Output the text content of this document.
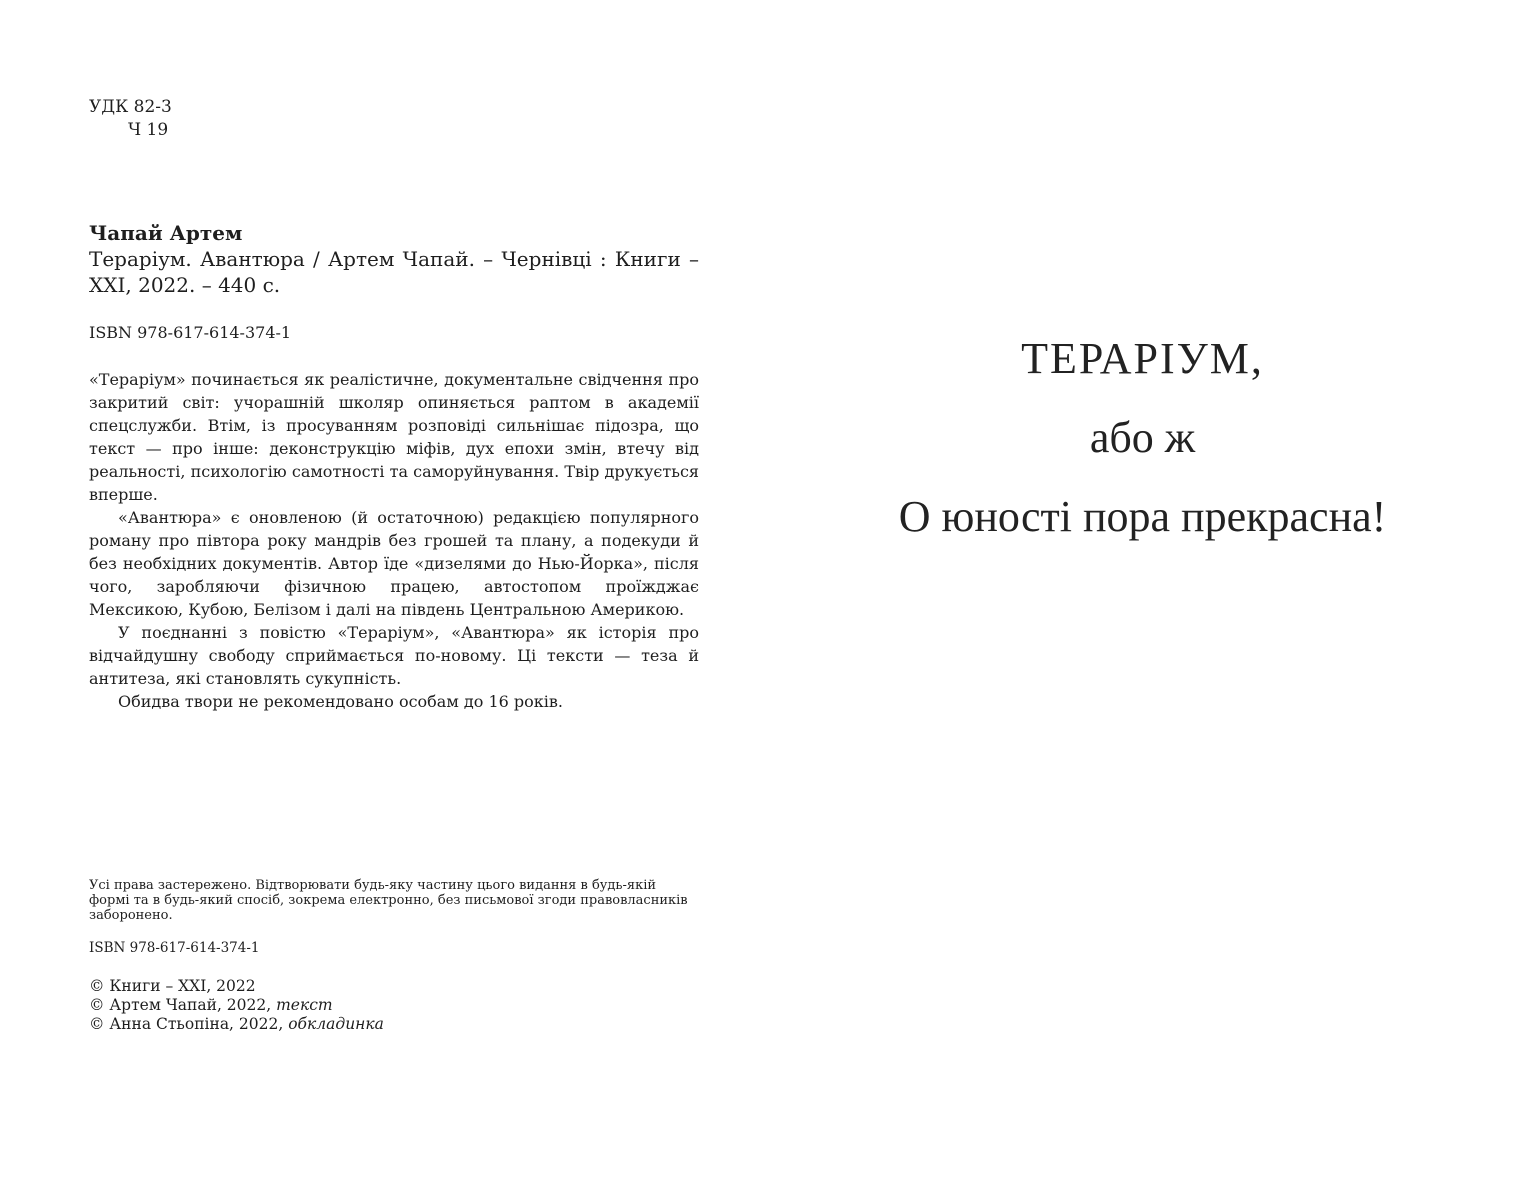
УДК 82-3
Ч 19
Чапай Артем
Тераріум. Авантюра / Артем Чапай. – Чернівці : Книги – ХХІ, 2022. – 440 с.
ISBN 978-617-614-374-1

«Тераріум» починається як реалістичне, документальне свідчення про закритий світ: учорашній школяр опиняється раптом в академії спецслужби. Втім, із просуванням розповіді сильнішає підозра, що текст — про інше: деконструкцію міфів, дух епохи змін, втечу від реальності, психологію самотності та саморуйнування. Твір друкується вперше.

«Авантюра» є оновленою (й остаточною) редакцією популярного роману про півтора року мандрів без грошей та плану, а подекуди й без необхідних документів. Автор їде «дизелями до Нью-Йорка», після чого, заробляючи фізичною працею, автостопом проїжджає Мексикою, Кубою, Белізом і далі на південь Центральною Америкою.

У поєднанні з повістю «Тераріум», «Авантюра» як історія про відчайдушну свободу сприймається по-новому. Ці тексти — теза й антитеза, які становлять сукупність.

Обидва твори не рекомендовано особам до 16 років.

Усі права застережено. Відтворювати будь-яку частину цього видання в будь-якій формі та в будь-який спосіб, зокрема електронно, без письмової згоди правовласників заборонено.
ISBN 978-617-614-374-1
© Книги – ХХІ, 2022
© Артем Чапай, 2022, текст
© Анна Стьопіна, 2022, обкладинка
ТЕРАРІУМ,
або ж
О юності пора прекрасна!
